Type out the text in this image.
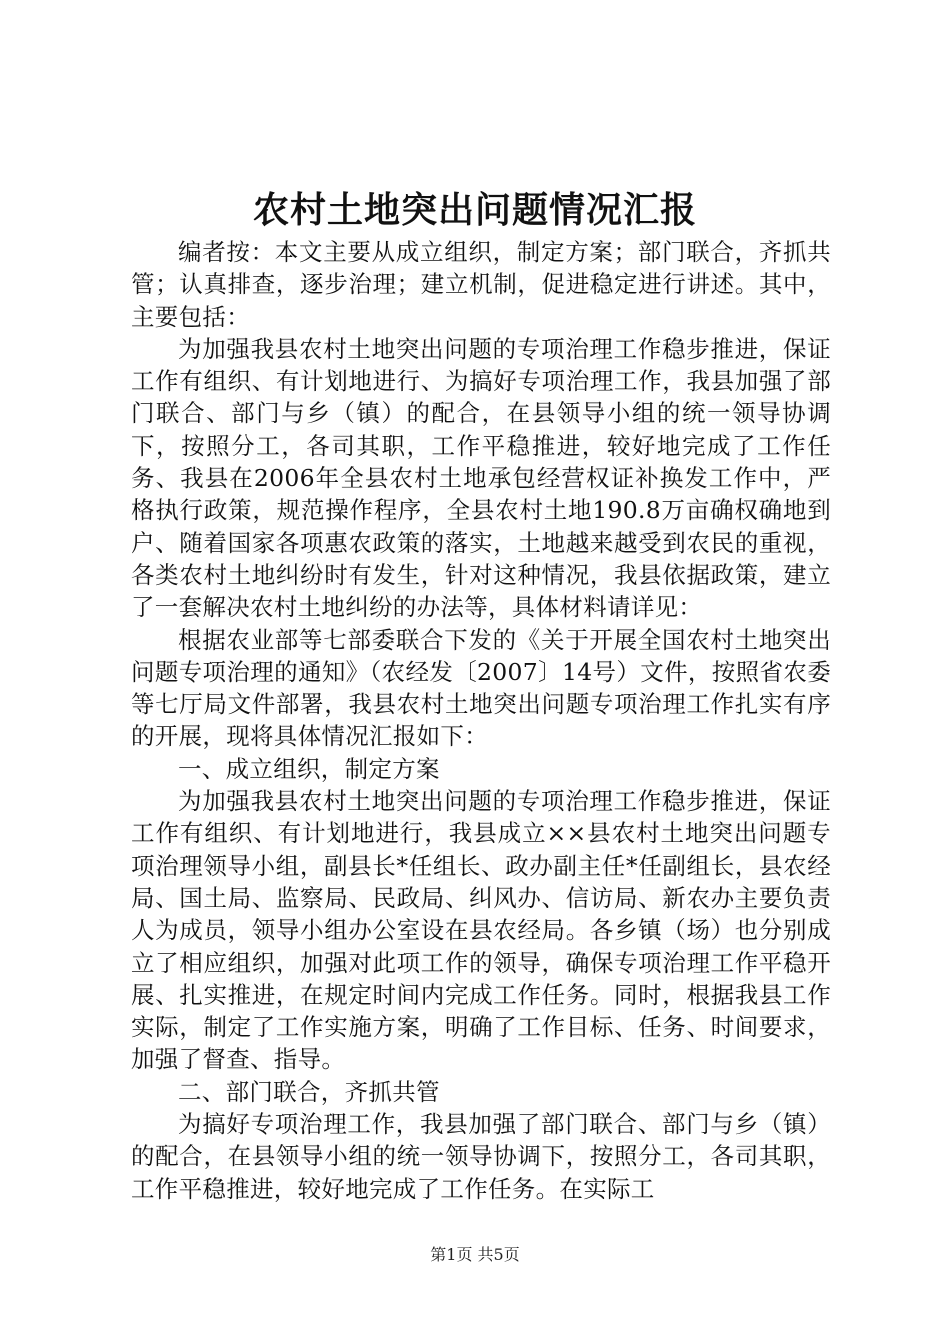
农村土地突出问题情况汇报

编者按：本文主要从成立组织，制定方案；部门联合，齐抓共管；认真排查，逐步治理；建立机制，促进稳定进行讲述。其中，主要包括：

为加强我县农村土地突出问题的专项治理工作稳步推进，保证工作有组织、有计划地进行、为搞好专项治理工作，我县加强了部门联合、部门与乡（镇）的配合，在县领导小组的统一领导协调下，按照分工，各司其职，工作平稳推进，较好地完成了工作任务、我县在2006年全县农村土地承包经营权证补换发工作中，严格执行政策，规范操作程序，全县农村土地190.8万亩确权确地到户、随着国家各项惠农政策的落实，土地越来越受到农民的重视，各类农村土地纠纷时有发生，针对这种情况，我县依据政策，建立了一套解决农村土地纠纷的办法等，具体材料请详见：

根据农业部等七部委联合下发的《关于开展全国农村土地突出问题专项治理的通知》（农经发〔2007〕14号）文件，按照省农委等七厅局文件部署，我县农村土地突出问题专项治理工作扎实有序的开展，现将具体情况汇报如下：

一、成立组织，制定方案

为加强我县农村土地突出问题的专项治理工作稳步推进，保证工作有组织、有计划地进行，我县成立××县农村土地突出问题专项治理领导小组，副县长*任组长、政办副主任*任副组长，县农经局、国土局、监察局、民政局、纠风办、信访局、新农办主要负责人为成员，领导小组办公室设在县农经局。各乡镇（场）也分别成立了相应组织，加强对此项工作的领导，确保专项治理工作平稳开展、扎实推进，在规定时间内完成工作任务。同时，根据我县工作实际，制定了工作实施方案，明确了工作目标、任务、时间要求，加强了督查、指导。

二、部门联合，齐抓共管

为搞好专项治理工作，我县加强了部门联合、部门与乡（镇）的配合，在县领导小组的统一领导协调下，按照分工，各司其职，工作平稳推进，较好地完成了工作任务。在实际工

第1页 共5页
